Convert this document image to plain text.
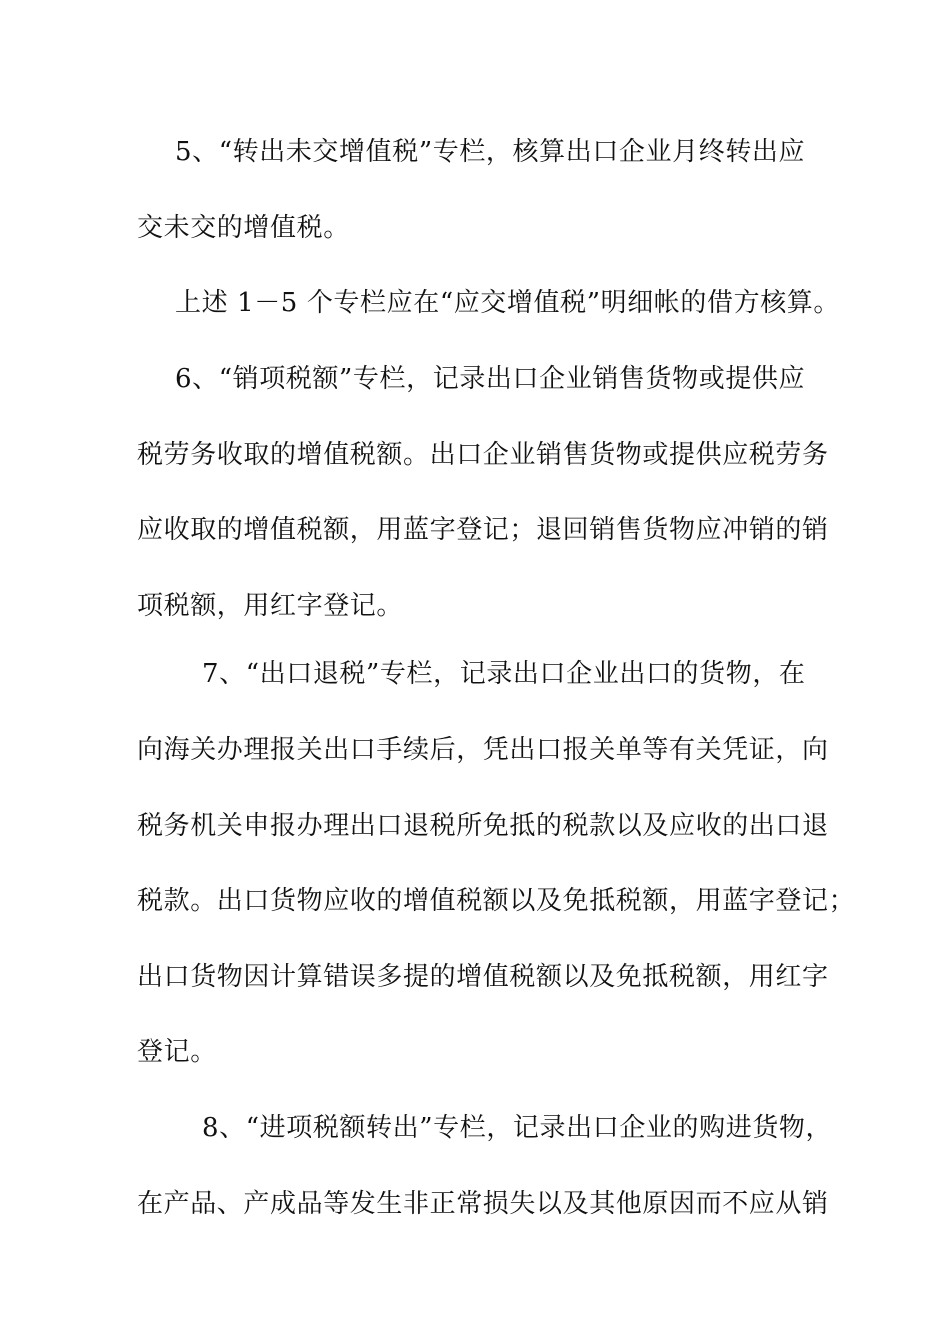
5、“转出未交增值税”专栏，核算出口企业月终转出应
交未交的增值税。
上述 1－5 个专栏应在“应交增值税”明细帐的借方核算。
6、“销项税额”专栏，记录出口企业销售货物或提供应
税劳务收取的增值税额。出口企业销售货物或提供应税劳务
应收取的增值税额，用蓝字登记；退回销售货物应冲销的销
项税额，用红字登记。
7、“出口退税”专栏，记录出口企业出口的货物，在
向海关办理报关出口手续后，凭出口报关单等有关凭证，向
税务机关申报办理出口退税所免抵的税款以及应收的出口退
税款。出口货物应收的增值税额以及免抵税额，用蓝字登记；
出口货物因计算错误多提的增值税额以及免抵税额，用红字
登记。
8、“进项税额转出”专栏，记录出口企业的购进货物，
在产品、产成品等发生非正常损失以及其他原因而不应从销
